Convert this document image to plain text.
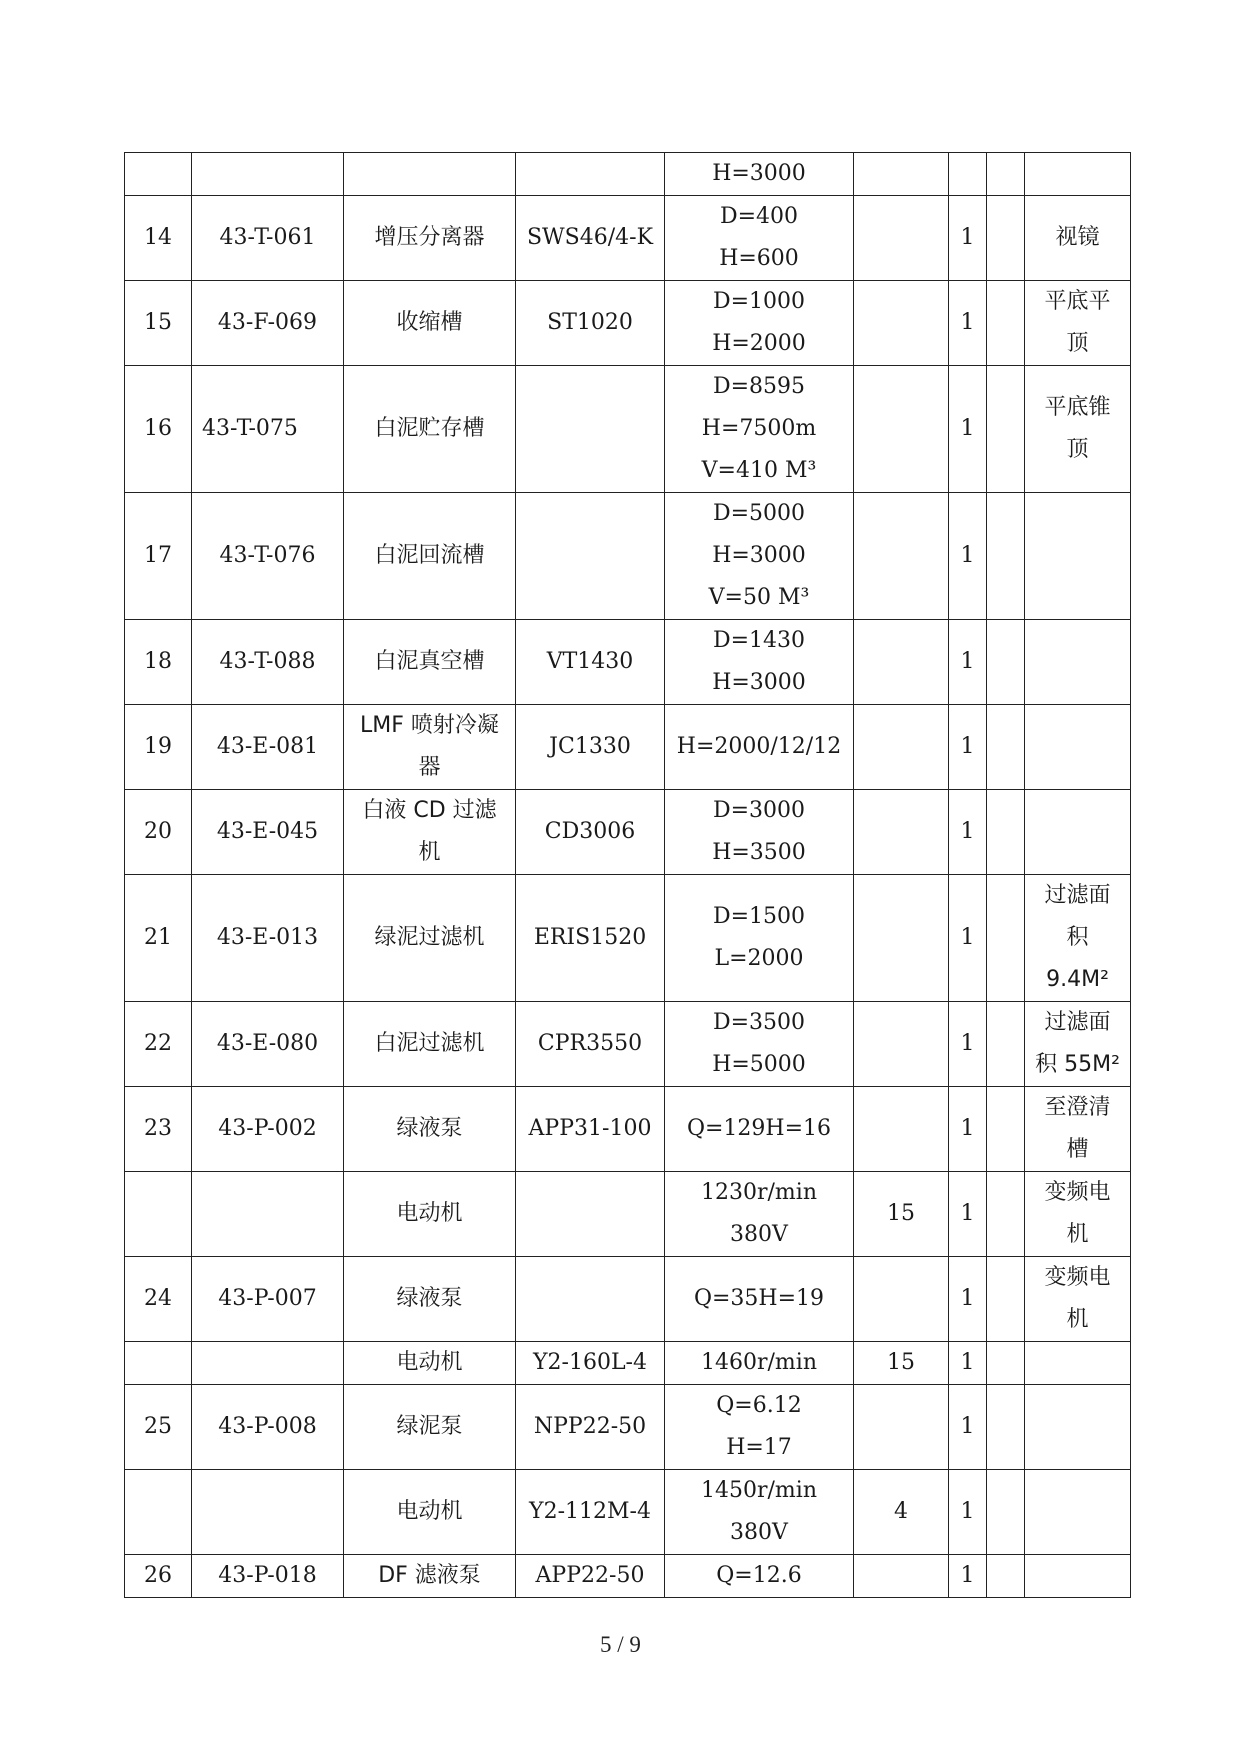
				H=3000				

14	43-T-061	增压分离器	SWS46/4-K	D=400
H=600		1		视镜

15	43-F-069	收缩槽	ST1020	D=1000
H=2000		1		平底平
顶

16	43-T-075	白泥贮存槽		D=8595
H=7500m
V=410 M³		1		平底锥
顶

17	43-T-076	白泥回流槽		D=5000
H=3000
V=50 M³		1		

18	43-T-088	白泥真空槽	VT1430	D=1430
H=3000		1		

19	43-E-081	LMF 喷射冷凝
器	JC1330	H=2000/12/12		1		

20	43-E-045	白液 CD 过滤
机	CD3006	D=3000
H=3500		1		

21	43-E-013	绿泥过滤机	ERIS1520	D=1500
L=2000		1		过滤面
积
9.4M²

22	43-E-080	白泥过滤机	CPR3550	D=3500
H=5000		1		过滤面
积 55M²

23	43-P-002	绿液泵	APP31-100	Q=129H=16		1		至澄清
槽

		电动机		1230r/min
380V	15	1		变频电
机

24	43-P-007	绿液泵		Q=35H=19		1		变频电
机

		电动机	Y2-160L-4	1460r/min	15	1		

25	43-P-008	绿泥泵	NPP22-50	Q=6.12
H=17		1		

		电动机	Y2-112M-4	1450r/min
380V	4	1		

26	43-P-018	DF 滤液泵	APP22-50	Q=12.6		1		
5 / 9
